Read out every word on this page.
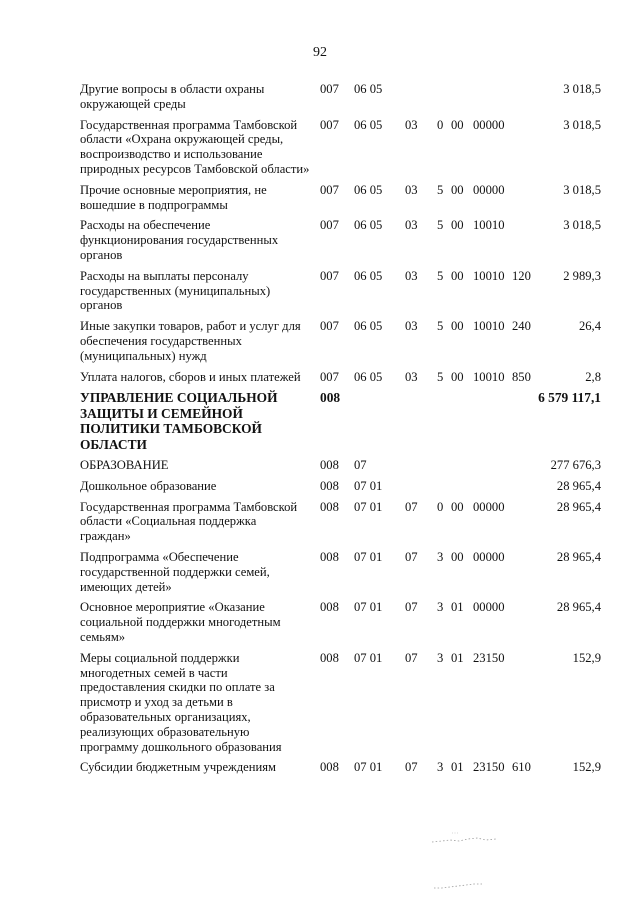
92
Другие вопросы в области охраны окружающей среды
007	06 05	3 018,5
Государственная программа Тамбовской области «Охрана окружающей среды, воспроизводство и использование природных ресурсов Тамбовской области»
007	06 05	03	0 00 00000	3 018,5
Прочие основные мероприятия, не вошедшие в подпрограммы
007	06 05	03	5 00 00000	3 018,5
Расходы на обеспечение функционирования государственных органов
007	06 05	03	5 00 10010	3 018,5
Расходы на выплаты персоналу государственных (муниципальных) органов
007	06 05	03	5 00 10010 120	2 989,3
Иные закупки товаров, работ и услуг для обеспечения государственных (муниципальных) нужд
007	06 05	03	5 00 10010 240	26,4
Уплата налогов, сборов и иных платежей	007	06 05	03	5 00 10010 850	2,8
УПРАВЛЕНИЕ СОЦИАЛЬНОЙ ЗАЩИТЫ И СЕМЕЙНОЙ ПОЛИТИКИ ТАМБОВСКОЙ ОБЛАСТИ
008	6 579 117,1
ОБРАЗОВАНИЕ	008	07	277 676,3
Дошкольное образование	008	07 01	28 965,4
Государственная программа Тамбовской области «Социальная поддержка граждан»
008	07 01	07	0 00 00000	28 965,4
Подпрограмма «Обеспечение государственной поддержки семей, имеющих детей»
008	07 01	07	3 00 00000	28 965,4
Основное мероприятие «Оказание социальной поддержки многодетным семьям»
008	07 01	07	3 01 00000	28 965,4
Меры социальной поддержки многодетных семей в части предоставления скидки по оплате за присмотр и уход за детьми в образовательных организациях, реализующих образовательную программу дошкольного образования
008	07 01	07	3 01 23150	152,9
Субсидии бюджетным учреждениям	008	07 01	07	3 01 23150 610	152,9
